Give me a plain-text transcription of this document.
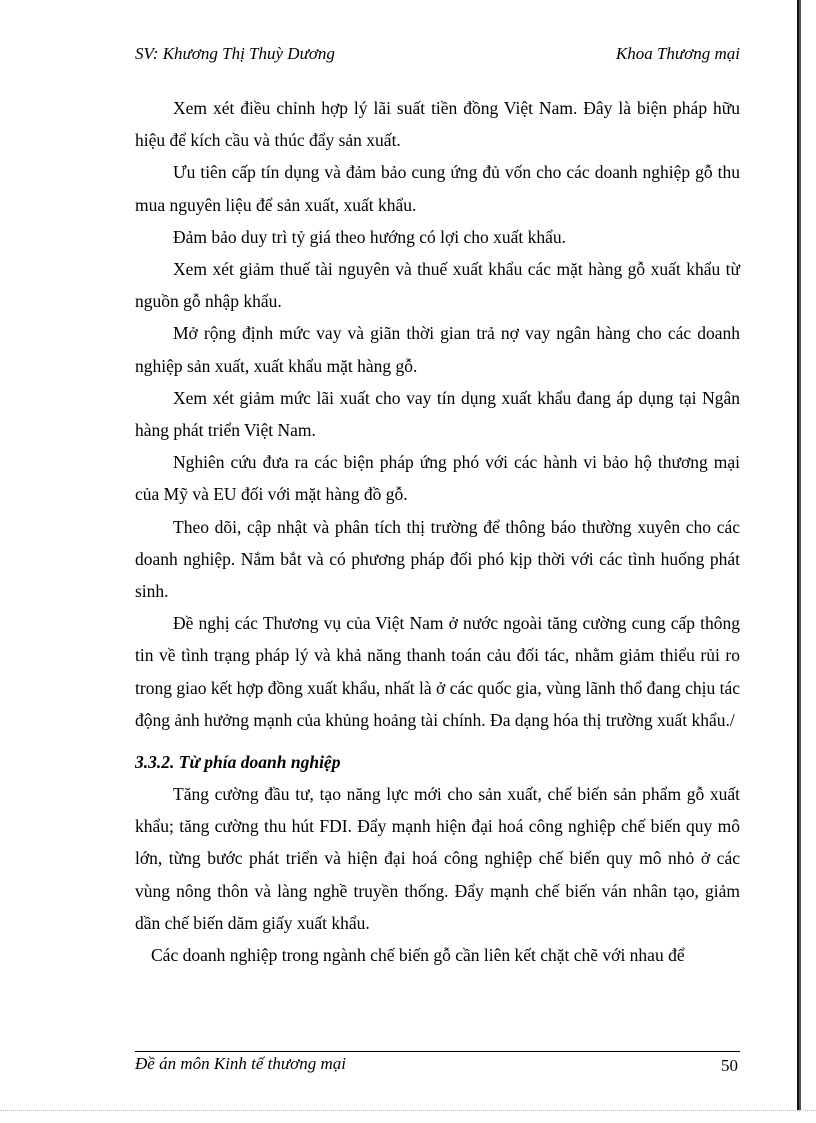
SV: Khương Thị Thuỳ Dương	Khoa Thương mại

Xem xét điều chỉnh hợp lý lãi suất tiền đồng Việt Nam. Đây là biện pháp hữu hiệu để kích cầu và thúc đẩy sản xuất.

Ưu tiên cấp tín dụng và đảm bảo cung ứng đủ vốn cho các doanh nghiệp gỗ thu mua nguyên liệu để sản xuất, xuất khẩu.

Đảm bảo duy trì tỷ giá theo hướng có lợi cho xuất khẩu.

Xem xét giảm thuế tài nguyên và thuế xuất khẩu các mặt hàng gỗ xuất khẩu từ nguồn gỗ nhập khẩu.

Mở rộng định mức vay và giãn thời gian trả nợ vay ngân hàng cho các doanh nghiệp sản xuất, xuất khẩu mặt hàng gỗ.

Xem xét giảm mức lãi xuất cho vay tín dụng xuất khẩu đang áp dụng tại Ngân hàng phát triển Việt Nam.

Nghiên cứu đưa ra các biện pháp ứng phó với các hành vi bảo hộ thương mại của Mỹ và EU đối với mặt hàng đồ gỗ.

Theo dõi, cập nhật và phân tích thị trường để thông báo thường xuyên cho các doanh nghiệp. Nắm bắt và có phương pháp đối phó kịp thời với các tình huống phát sinh.

Đề nghị các Thương vụ của Việt Nam ở nước ngoài tăng cường cung cấp thông tin về tình trạng pháp lý và khả năng thanh toán cảu đối tác, nhằm giảm thiểu rủi ro trong giao kết hợp đồng xuất khẩu, nhất là ở các quốc gia, vùng lãnh thổ đang chịu tác động ảnh hưởng mạnh của khủng hoảng tài chính. Đa dạng hóa thị trường xuất khẩu./

3.3.2. Từ phía doanh nghiệp

Tăng cường đầu tư, tạo năng lực mới cho sản xuất, chế biến sản phẩm gỗ xuất khẩu; tăng cường thu hút FDI. Đẩy mạnh hiện đại hoá công nghiệp chế biến quy mô lớn, từng bước phát triển và hiện đại hoá công nghiệp chế biến quy mô nhỏ ở các vùng nông thôn và làng nghề truyền thống. Đẩy mạnh chế biến ván nhân tạo, giảm dần chế biến dăm giấy xuất khẩu.

Các doanh nghiệp trong ngành chế biến gỗ cần liên kết chặt chẽ với nhau để

Đề án môn Kinh tế thương mại	50
